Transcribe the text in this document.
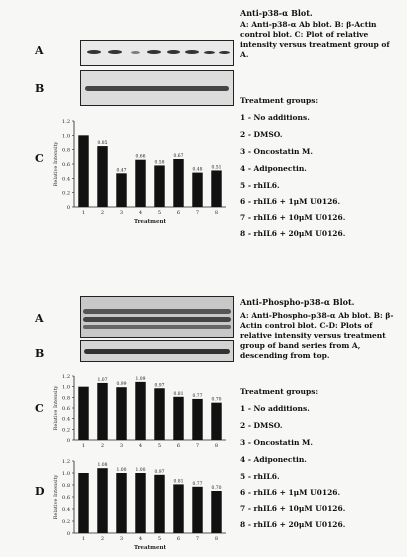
A
B
C
0
0.2
0.4
0.6
0.8
1.0
1.2
Relative Intensity
1
0.85
2
0.47
3
0.66
4
0.58
5
0.67
6
0.48
7
0.51
8
Treatment
Anti-p38-α Blot.
A: Anti-p38-α Ab blot. B: β-Actin control blot. C: Plot of relative intensity versus treatment group of A.
Treatment groups:
1 - No additions.
2 - DMSO.
3 - Oncostatin M.
4 - Adiponectin.
5 - rhIL6.
6 - rhIL6 + 1μM U0126.
7 - rhIL6 + 10μM U0126.
8 - rhIL6 + 20μM U0126.
A
B
C
D
0
0.2
0.4
0.6
0.8
1.0
1.2
Relative Intensity
1
1.07
2
0.99
3
1.09
4
0.97
5
0.81
6
0.77
7
0.70
8
0
0.2
0.4
0.6
0.8
1.0
1.2
Relative Intensity
1
1.08
2
1.00
3
1.00
4
0.97
5
0.81
6
0.77
7
0.70
8
Treatment
Anti-Phospho-p38-α Blot.
A: Anti-Phospho-p38-α Ab blot. B: β-Actin control blot. C-D: Plots of relative intensity versus treatment group of band series from A, descending from top.
Treatment groups:
1 - No additions.
2 - DMSO.
3 - Oncostatin M.
4 - Adiponectin.
5 - rhIL6.
6 - rhIL6 + 1μM U0126.
7 - rhIL6 + 10μM U0126.
8 - rhIL6 + 20μM U0126.
